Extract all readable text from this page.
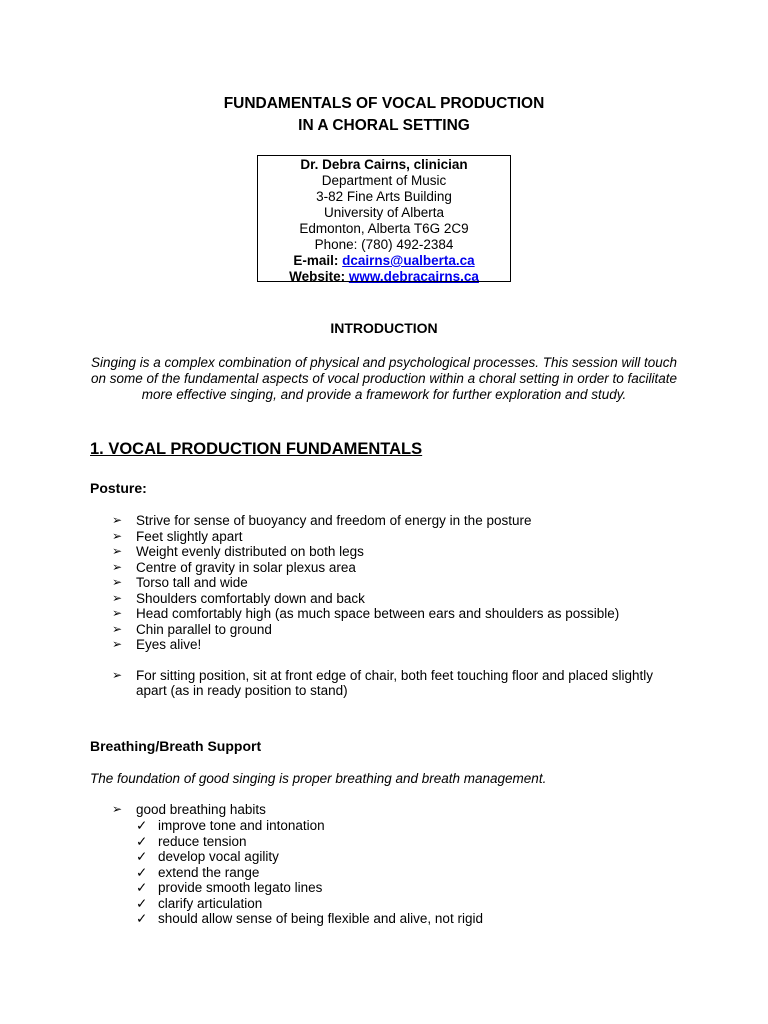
FUNDAMENTALS OF VOCAL PRODUCTION
IN A CHORAL SETTING
Dr. Debra Cairns, clinician
Department of Music
3-82 Fine Arts Building
University of Alberta
Edmonton, Alberta T6G 2C9
Phone: (780) 492-2384
E-mail: dcairns@ualberta.ca
Website: www.debracairns.ca
INTRODUCTION
Singing is a complex combination of physical and psychological processes. This session will touch on some of the fundamental aspects of vocal production within a choral setting in order to facilitate more effective singing, and provide a framework for further exploration and study.
1. VOCAL PRODUCTION FUNDAMENTALS
Posture:
➢	Strive for sense of buoyancy and freedom of energy in the posture
➢	Feet slightly apart
➢	Weight evenly distributed on both legs
➢	Centre of gravity in solar plexus area
➢	Torso tall and wide
➢	Shoulders comfortably down and back
➢	Head comfortably high (as much space between ears and shoulders as possible)
➢	Chin parallel to ground
➢	Eyes alive!
➢	For sitting position, sit at front edge of chair, both feet touching floor and placed slightly apart (as in ready position to stand)
Breathing/Breath Support
The foundation of good singing is proper breathing and breath management.
➢	good breathing habits
✓ improve tone and intonation
✓ reduce tension
✓ develop vocal agility
✓ extend the range
✓ provide smooth legato lines
✓ clarify articulation
✓ should allow sense of being flexible and alive, not rigid
